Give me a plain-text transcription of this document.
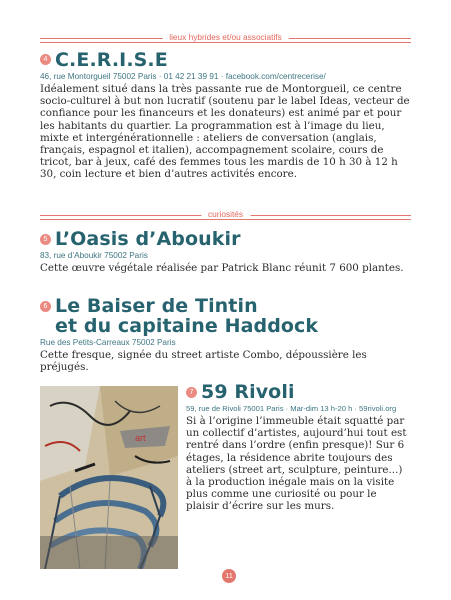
lieux hybrides et/ou associatifs
4 C.E.R.I.S.E
46, rue Montorgueil 75002 Paris · 01 42 21 39 91 · facebook.com/centrecerise/
Idéalement situé dans la très passante rue de Montorgueil, ce centre socio-culturel à but non lucratif (soutenu par le label Ideas, vecteur de confiance pour les financeurs et les donateurs) est animé par et pour les habitants du quartier. La programmation est à l’image du lieu, mixte et intergénérationnelle : ateliers de conversation (anglais, français, espagnol et italien), accompagnement scolaire, cours de tricot, bar à jeux, café des femmes tous les mardis de 10 h 30 à 12 h 30, coin lecture et bien d’autres activités encore.
curiosités
5 L’Oasis d’Aboukir
83, rue d’Aboukir 75002 Paris
Cette œuvre végétale réalisée par Patrick Blanc réunit 7 600 plantes.
6 Le Baiser de Tintin
et du capitaine Haddock
Rue des Petits-Carreaux 75002 Paris
Cette fresque, signée du street artiste Combo, dépoussière les préjugés.
art
7 59 Rivoli
59, rue de Rivoli 75001 Paris · Mar-dim 13 h-20 h · 59rivoli.org
Si à l’origine l’immeuble était squatté par un collectif d’artistes, aujourd’hui tout est rentré dans l’ordre (enfin presque)! Sur 6 étages, la résidence abrite toujours des ateliers (street art, sculpture, peinture...) à la production inégale mais on la visite plus comme une curiosité ou pour le plaisir d’écrire sur les murs.
11
